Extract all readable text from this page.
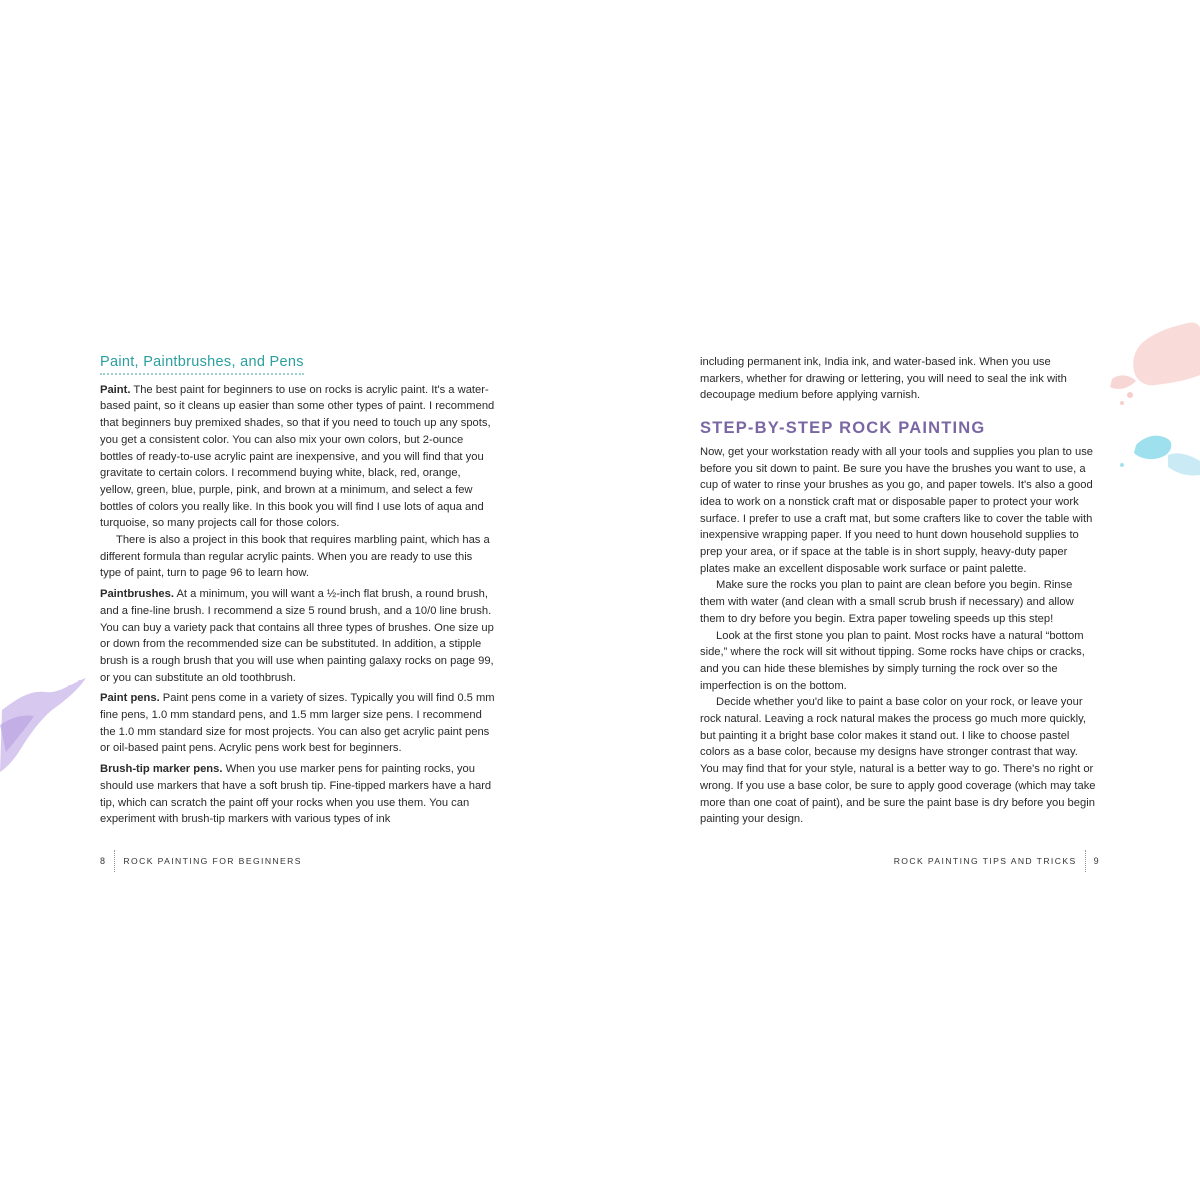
Paint, Paintbrushes, and Pens

Paint. The best paint for beginners to use on rocks is acrylic paint. It's a water-based paint, so it cleans up easier than some other types of paint. I recommend that beginners buy premixed shades, so that if you need to touch up any spots, you get a consistent color. You can also mix your own colors, but 2-ounce bottles of ready-to-use acrylic paint are inexpensive, and you will find that you gravitate to certain colors. I recommend buying white, black, red, orange, yellow, green, blue, purple, pink, and brown at a minimum, and select a few bottles of colors you really like. In this book you will find I use lots of aqua and turquoise, so many projects call for those colors.

There is also a project in this book that requires marbling paint, which has a different formula than regular acrylic paints. When you are ready to use this type of paint, turn to page 96 to learn how.

Paintbrushes. At a minimum, you will want a ½-inch flat brush, a round brush, and a fine-line brush. I recommend a size 5 round brush, and a 10/0 line brush. You can buy a variety pack that contains all three types of brushes. One size up or down from the recommended size can be substituted. In addition, a stipple brush is a rough brush that you will use when painting galaxy rocks on page 99, or you can substitute an old toothbrush.

Paint pens. Paint pens come in a variety of sizes. Typically you will find 0.5 mm fine pens, 1.0 mm standard pens, and 1.5 mm larger size pens. I recommend the 1.0 mm standard size for most projects. You can also get acrylic paint pens or oil-based paint pens. Acrylic pens work best for beginners.

Brush-tip marker pens. When you use marker pens for painting rocks, you should use markers that have a soft brush tip. Fine-tipped markers have a hard tip, which can scratch the paint off your rocks when you use them. You can experiment with brush-tip markers with various types of ink

8 ROCK PAINTING FOR BEGINNERS

including permanent ink, India ink, and water-based ink. When you use markers, whether for drawing or lettering, you will need to seal the ink with decoupage medium before applying varnish.

STEP-BY-STEP ROCK PAINTING

Now, get your workstation ready with all your tools and supplies you plan to use before you sit down to paint. Be sure you have the brushes you want to use, a cup of water to rinse your brushes as you go, and paper towels. It's also a good idea to work on a nonstick craft mat or disposable paper to protect your work surface. I prefer to use a craft mat, but some crafters like to cover the table with inexpensive wrapping paper. If you need to hunt down household supplies to prep your area, or if space at the table is in short supply, heavy-duty paper plates make an excellent disposable work surface or paint palette.

Make sure the rocks you plan to paint are clean before you begin. Rinse them with water (and clean with a small scrub brush if necessary) and allow them to dry before you begin. Extra paper toweling speeds up this step!

Look at the first stone you plan to paint. Most rocks have a natural “bottom side,” where the rock will sit without tipping. Some rocks have chips or cracks, and you can hide these blemishes by simply turning the rock over so the imperfection is on the bottom.

Decide whether you'd like to paint a base color on your rock, or leave your rock natural. Leaving a rock natural makes the process go much more quickly, but painting it a bright base color makes it stand out. I like to choose pastel colors as a base color, because my designs have stronger contrast that way. You may find that for your style, natural is a better way to go. There's no right or wrong. If you use a base color, be sure to apply good coverage (which may take more than one coat of paint), and be sure the paint base is dry before you begin painting your design.

ROCK PAINTING TIPS AND TRICKS 9
